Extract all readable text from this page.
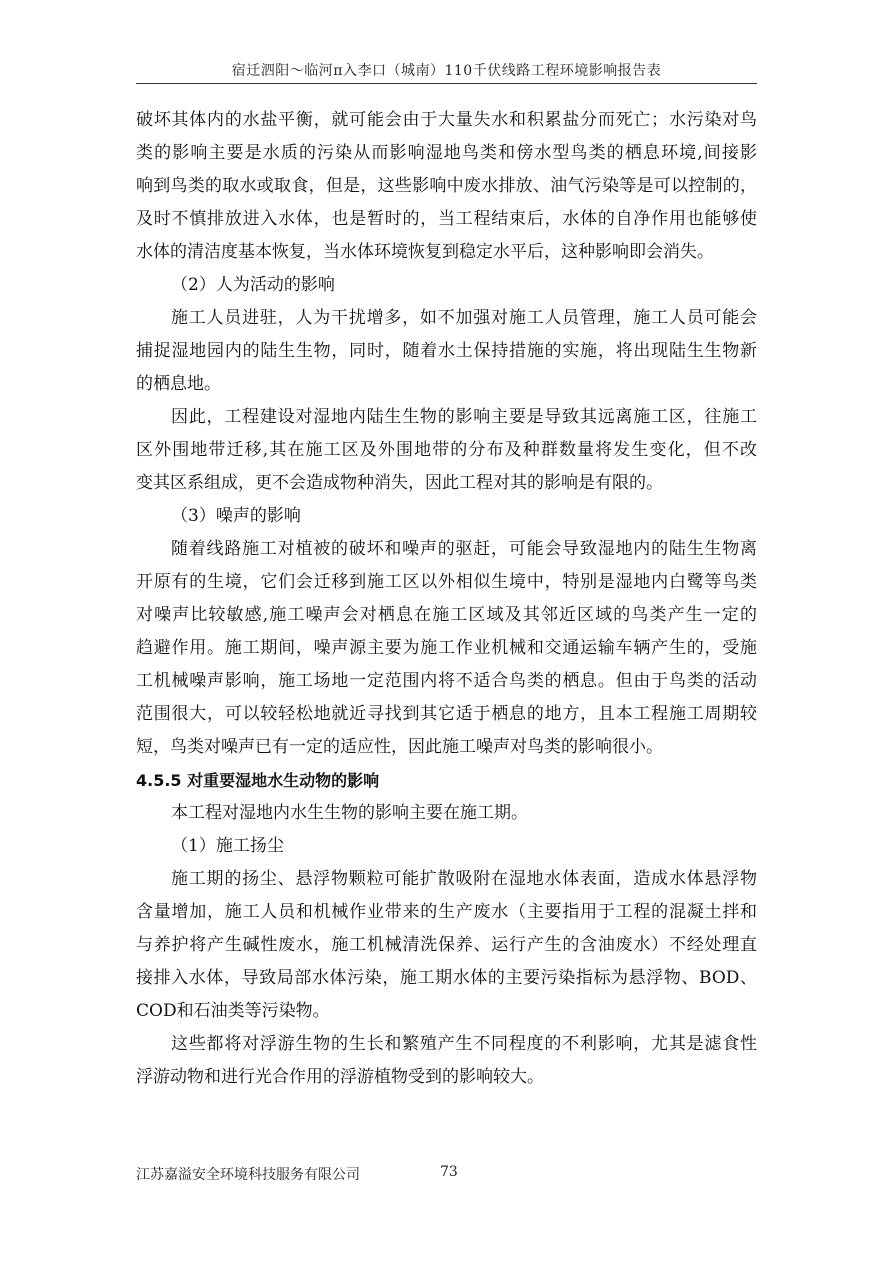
宿迁泗阳～临河π入李口（城南）110千伏线路工程环境影响报告表
破坏其体内的水盐平衡，就可能会由于大量失水和积累盐分而死亡；水污染对鸟
类的影响主要是水质的污染从而影响湿地鸟类和傍水型鸟类的栖息环境,间接影
响到鸟类的取水或取食，但是，这些影响中废水排放、油气污染等是可以控制的，
及时不慎排放进入水体，也是暂时的，当工程结束后，水体的自净作用也能够使
水体的清洁度基本恢复，当水体环境恢复到稳定水平后，这种影响即会消失。
（2）人为活动的影响
施工人员进驻，人为干扰增多，如不加强对施工人员管理，施工人员可能会
捕捉湿地园内的陆生生物，同时，随着水土保持措施的实施，将出现陆生生物新
的栖息地。
因此，工程建设对湿地内陆生生物的影响主要是导致其远离施工区，往施工
区外围地带迁移,其在施工区及外围地带的分布及种群数量将发生变化，但不改
变其区系组成，更不会造成物种消失，因此工程对其的影响是有限的。
（3）噪声的影响
随着线路施工对植被的破坏和噪声的驱赶，可能会导致湿地内的陆生生物离
开原有的生境，它们会迁移到施工区以外相似生境中，特别是湿地内白鹭等鸟类
对噪声比较敏感,施工噪声会对栖息在施工区域及其邻近区域的鸟类产生一定的
趋避作用。施工期间，噪声源主要为施工作业机械和交通运输车辆产生的，受施
工机械噪声影响，施工场地一定范围内将不适合鸟类的栖息。但由于鸟类的活动
范围很大，可以较轻松地就近寻找到其它适于栖息的地方，且本工程施工周期较
短，鸟类对噪声已有一定的适应性，因此施工噪声对鸟类的影响很小。
4.5.5 对重要湿地水生动物的影响
本工程对湿地内水生生物的影响主要在施工期。
（1）施工扬尘
施工期的扬尘、悬浮物颗粒可能扩散吸附在湿地水体表面，造成水体悬浮物
含量增加，施工人员和机械作业带来的生产废水（主要指用于工程的混凝土拌和
与养护将产生碱性废水，施工机械清洗保养、运行产生的含油废水）不经处理直
接排入水体，导致局部水体污染，施工期水体的主要污染指标为悬浮物、BOD、
COD和石油类等污染物。
这些都将对浮游生物的生长和繁殖产生不同程度的不利影响，尤其是滤食性
浮游动物和进行光合作用的浮游植物受到的影响较大。
江苏嘉溢安全环境科技服务有限公司	73
